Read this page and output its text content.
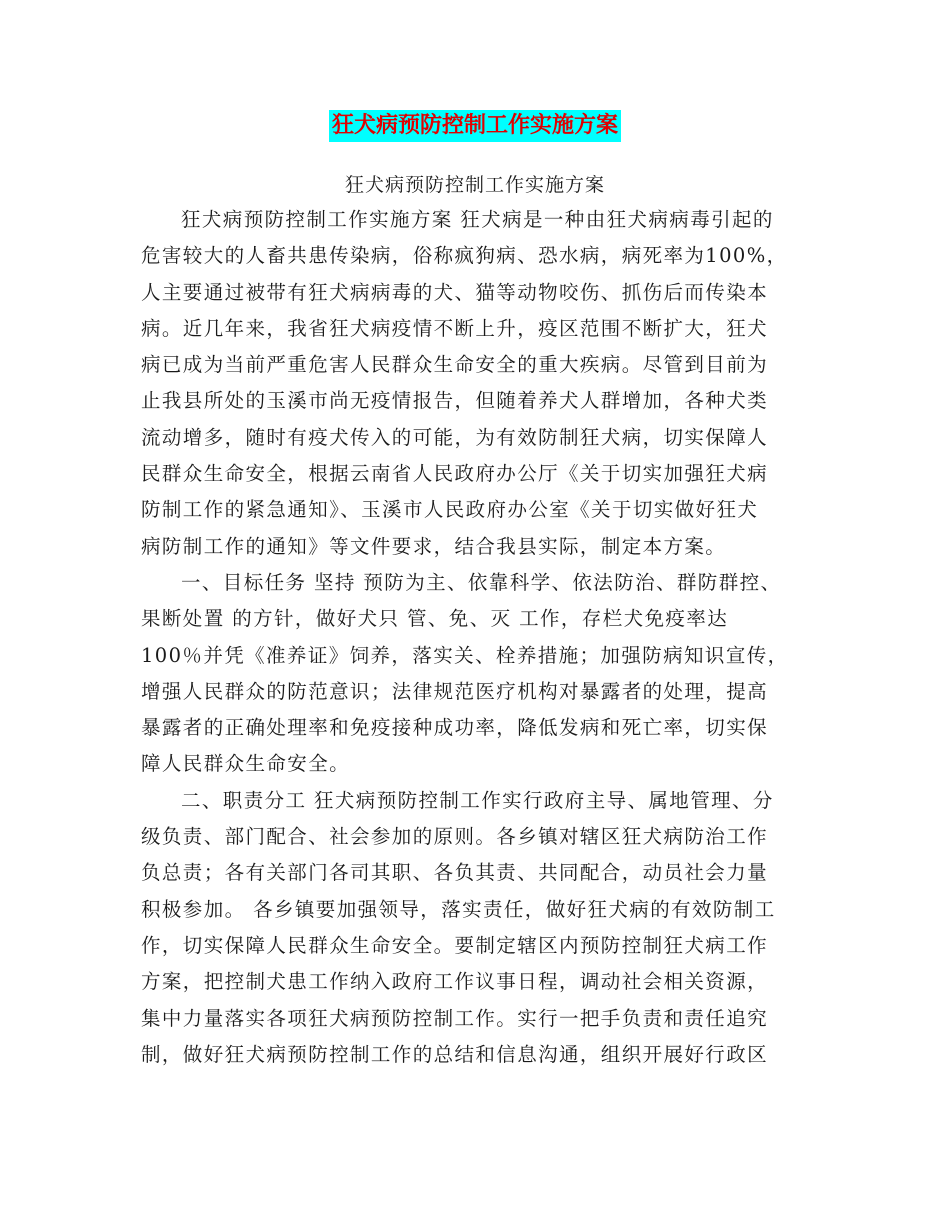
狂犬病预防控制工作实施方案
狂犬病预防控制工作实施方案
狂犬病预防控制工作实施方案 狂犬病是一种由狂犬病病毒引起的
危害较大的人畜共患传染病，俗称疯狗病、恐水病，病死率为100%，
人主要通过被带有狂犬病病毒的犬、猫等动物咬伤、抓伤后而传染本
病。近几年来，我省狂犬病疫情不断上升，疫区范围不断扩大，狂犬
病已成为当前严重危害人民群众生命安全的重大疾病。尽管到目前为
止我县所处的玉溪市尚无疫情报告，但随着养犬人群增加，各种犬类
流动增多，随时有疫犬传入的可能，为有效防制狂犬病，切实保障人
民群众生命安全，根据云南省人民政府办公厅《关于切实加强狂犬病
防制工作的紧急通知》、玉溪市人民政府办公室《关于切实做好狂犬
病防制工作的通知》等文件要求，结合我县实际，制定本方案。
一、目标任务 坚持 预防为主、依靠科学、依法防治、群防群控、
果断处置 的方针，做好犬只 管、免、灭 工作，存栏犬免疫率达
100％并凭《准养证》饲养，落实关、栓养措施；加强防病知识宣传，
增强人民群众的防范意识；法律规范医疗机构对暴露者的处理，提高
暴露者的正确处理率和免疫接种成功率，降低发病和死亡率，切实保
障人民群众生命安全。
二、职责分工 狂犬病预防控制工作实行政府主导、属地管理、分
级负责、部门配合、社会参加的原则。各乡镇对辖区狂犬病防治工作
负总责；各有关部门各司其职、各负其责、共同配合，动员社会力量
积极参加。 各乡镇要加强领导，落实责任，做好狂犬病的有效防制工
作，切实保障人民群众生命安全。要制定辖区内预防控制狂犬病工作
方案，把控制犬患工作纳入政府工作议事日程，调动社会相关资源，
集中力量落实各项狂犬病预防控制工作。实行一把手负责和责任追究
制，做好狂犬病预防控制工作的总结和信息沟通，组织开展好行政区
